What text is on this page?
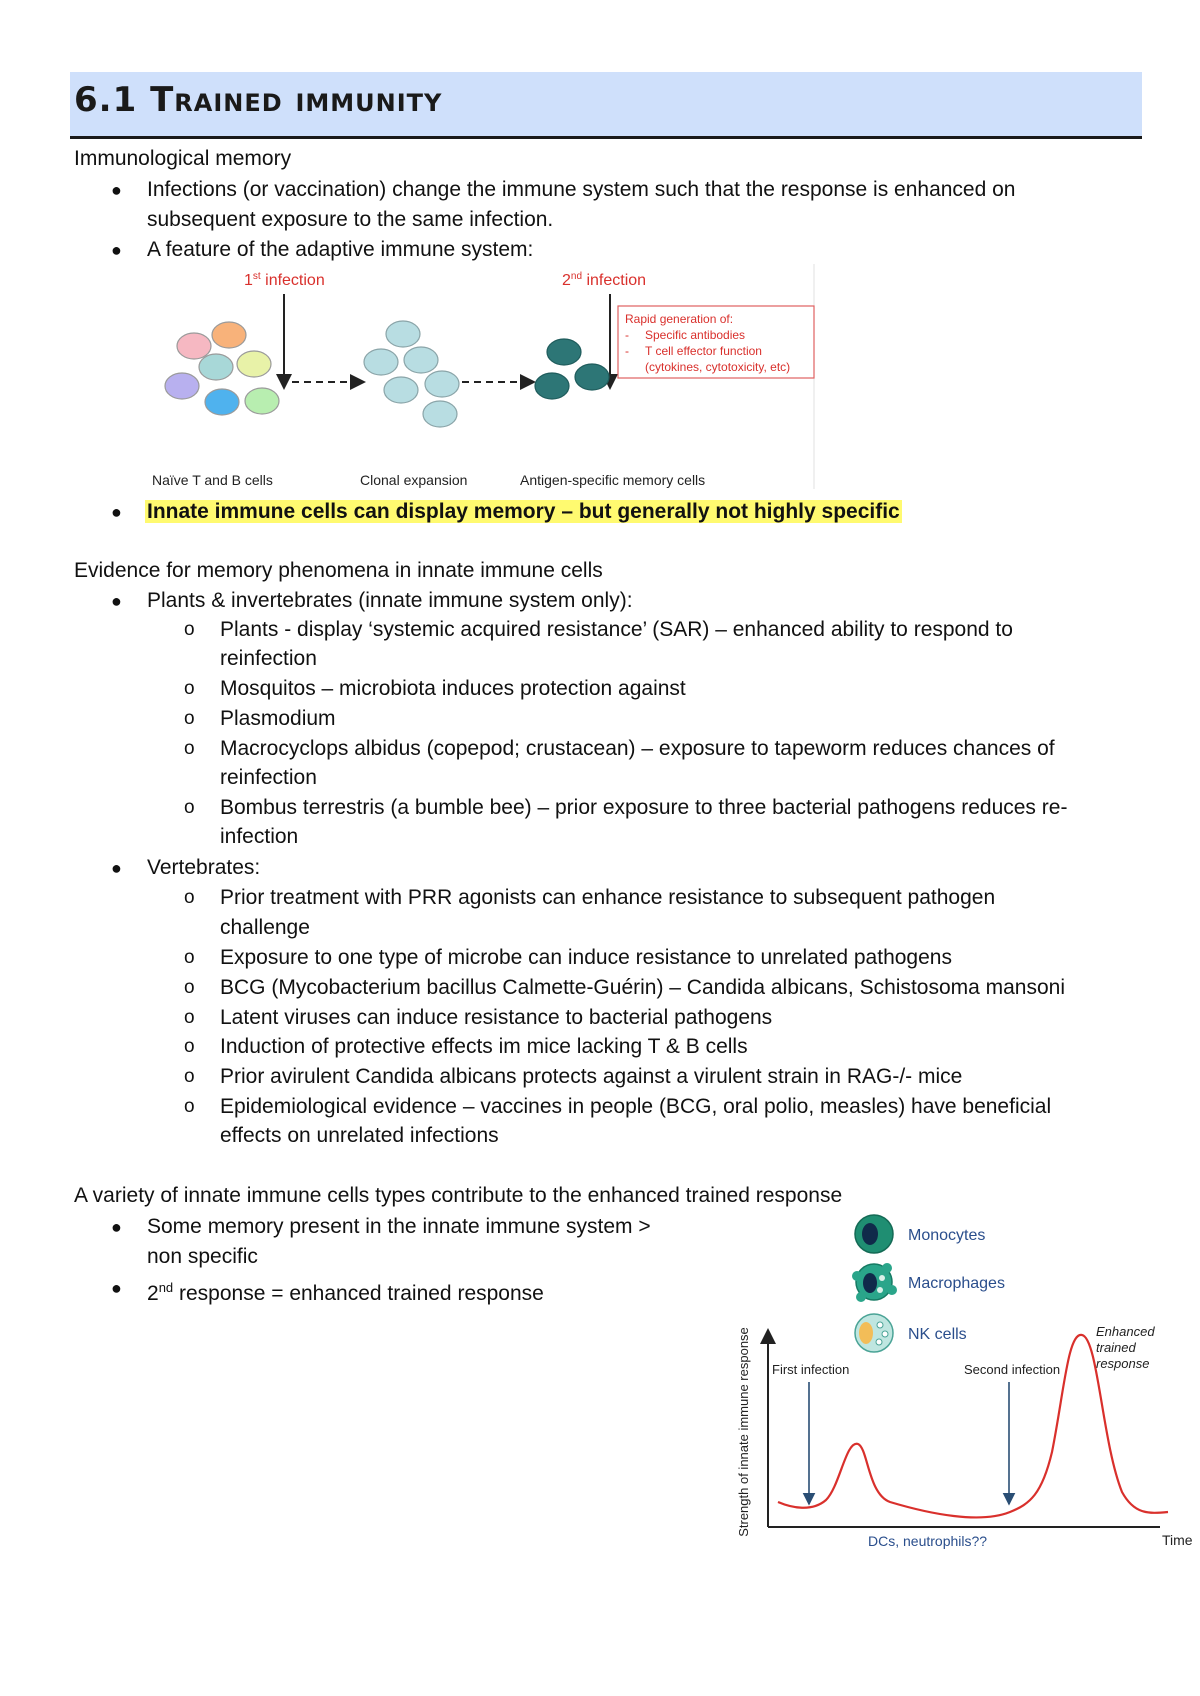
6.1 Trained immunity
Immunological memory
● Infections (or vaccination) change the immune system such that the response is enhanced on
subsequent exposure to the same infection.
● A feature of the adaptive immune system:
1st infection	2nd infection
Rapid generation of:
- Specific antibodies
- T cell effector function
(cytokines, cytotoxicity, etc)
Naïve T and B cells	Clonal expansion	Antigen-specific memory cells
● Innate immune cells can display memory – but generally not highly specific
Evidence for memory phenomena in innate immune cells
● Plants & invertebrates (innate immune system only):
o Plants - display ‘systemic acquired resistance’ (SAR) – enhanced ability to respond to
reinfection
o Mosquitos – microbiota induces protection against
o Plasmodium
o Macrocyclops albidus (copepod; crustacean) – exposure to tapeworm reduces chances of
reinfection
o Bombus terrestris (a bumble bee) – prior exposure to three bacterial pathogens reduces re-
infection
● Vertebrates:
o Prior treatment with PRR agonists can enhance resistance to subsequent pathogen
challenge
o Exposure to one type of microbe can induce resistance to unrelated pathogens
o BCG (Mycobacterium bacillus Calmette-Guérin) – Candida albicans, Schistosoma mansoni
o Latent viruses can induce resistance to bacterial pathogens
o Induction of protective effects im mice lacking T & B cells
o Prior avirulent Candida albicans protects against a virulent strain in RAG-/- mice
o Epidemiological evidence – vaccines in people (BCG, oral polio, measles) have beneficial
effects on unrelated infections
A variety of innate immune cells types contribute to the enhanced trained response
● Some memory present in the innate immune system >
non specific
● 2nd response = enhanced trained response
Monocytes
Macrophages
NK cells
Strength of innate immune response
Time
DCs, neutrophils??
First infection	Second infection
Enhanced
trained
response
